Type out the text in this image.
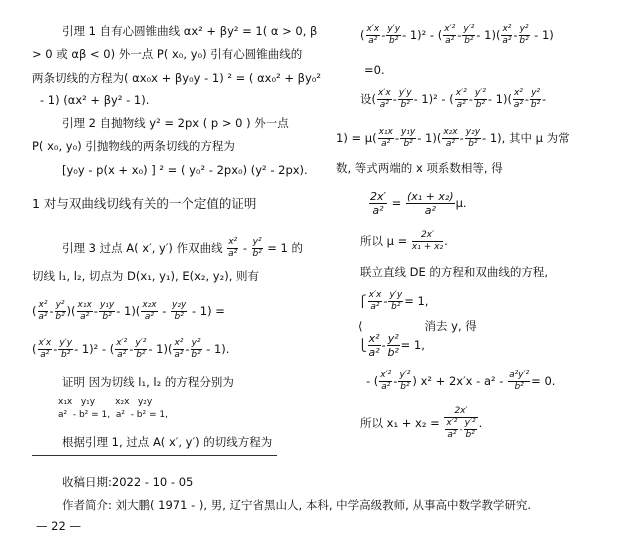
引理 1 自有心圆锥曲线 αx² + βy² = 1( α > 0, β
> 0 或 αβ < 0) 外一点 P( x₀, y₀) 引有心圆锥曲线的
两条切线的方程为( αx₀x + βy₀y - 1) ² = ( αx₀² + βy₀²
- 1) (αx² + βy² - 1).
引理 2 自抛物线 y² = 2px ( p > 0 ) 外一点
P( x₀, y₀) 引抛物线的两条切线的方程为
[y₀y - p(x + x₀) ] ² = ( y₀² - 2px₀) (y² - 2px).
1 对与双曲线切线有关的一个定值的证明
引理 3 过点 A( x′, y′) 作双曲线 $\frac{\text{x²}}{\text{a²}} - \frac{\text{y²}}{\text{b²}} = 1$ 的
切线 l₁, l₂, 切点为 D(x₁, y₁), E(x₂, y₂), 则有
( $\frac{\text{x²}}{\text{a²}} - \frac{\text{y²}}{\text{b²}}$ )( $\frac{\text{x₁x}}{\text{a²}} - \frac{\text{y₁y}}{\text{b²}} - 1)( \frac{\text{x₂x}}{\text{a²}} - \frac{\text{y₂y}}{\text{b²}} - 1)$ =
( $\frac{x'x}{\text{a²}} - \frac{y'y}{\text{b²}} - 1)^2$ - ( $\frac{\text{x′²}}{\text{a²}} - \frac{\text{y′²}}{\text{b²}} - 1)( \frac{\text{x²}}{\text{a²}} - \frac{\text{y²}}{\text{b²}} - 1)$.
证明 因为切线 l₁, l₂ 的方程分别为
x₁x   y₁y       x₂x   y₂y
a²  - b² = 1,  a²  - b² = 1,
根据引理 1, 过点 A( x′, y′) 的切线方程为
( $\frac{x'x}{\text{a²}} - \frac{y'y}{\text{b²}} - 1)^2$ - ( $\frac{\text{x′²}}{\text{a²}} - \frac{\text{y′²}}{\text{b²}} - 1)( \frac{\text{x²}}{\text{a²}} - \frac{\text{y²}}{\text{b²}} - 1)$
=0.
设( $\frac{x'x}{\text{a²}} - \frac{y'y}{\text{b²}} - 1)^2$ - ( $\frac{\text{x′²}}{\text{a²}} - \frac{\text{y′²}}{\text{b²}} - 1)( \frac{\text{x²}}{\text{a²}} - \frac{\text{y²}}{\text{b²}}$ -
$1) = \mu( \frac{\text{x₁x}}{\text{a²}} - \frac{\text{y₁y}}{\text{b²}} - 1)( \frac{\text{x₂x}}{\text{a²}} - \frac{\text{y₂y}}{\text{b²}} - 1)$, 其中 μ 为常
数, 等式两端的 x 项系数相等, 得
$\frac{2x'}{\text{a²}} = \frac{\text{(x₁ + x₂)}}{\text{a²}} \mu$.
所以 $\mu = \frac{2x'}{\text{x₁ + x₂}}$ .
联立直线 DE 的方程和双曲线的方程,
⎧ $\frac{x'x}{\text{a²}} - \frac{y'y}{\text{b²}} = 1$,
⟨	消去 y, 得
⎩ $\frac{\text{x²}}{\text{a²}} - \frac{\text{y²}}{\text{b²}} = 1$,
- ( $\frac{\text{x′²}}{\text{a²}} - \frac{\text{y′²}}{\text{b²}}$ ) $x^2 + 2x'x - a^2 - \frac{\text{a²y′²}}{\text{b²}} = 0$.
所以 $x_1 + x_2 = \frac{2x'}{\frac{\text{x′²}}{\text{a²}} - \frac{\text{y′²}}{\text{b²}}}$ .
收稿日期:2022 - 10 - 05
作者简介: 刘大鹏( 1971 - ), 男, 辽宁省黑山人, 本科, 中学高级教师, 从事高中数学教学研究.
— 22 —
